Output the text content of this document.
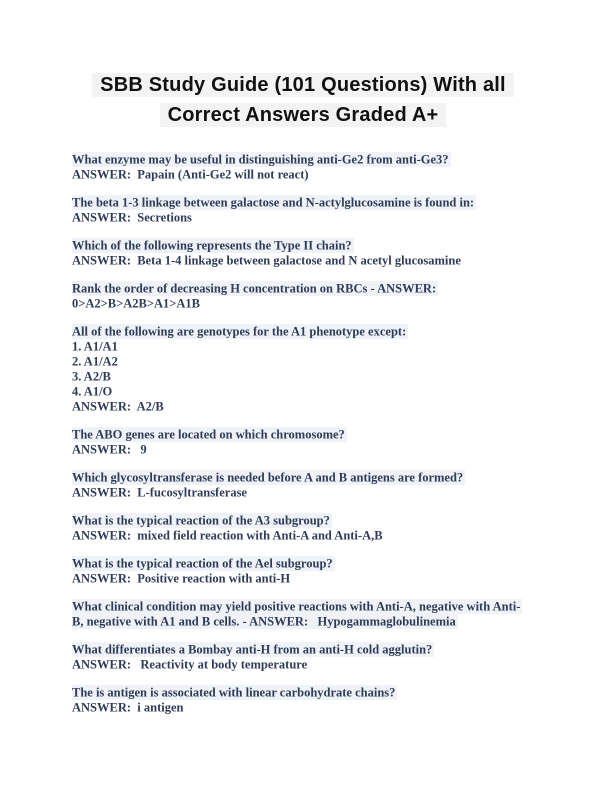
SBB Study Guide (101 Questions) With all
Correct Answers Graded A+
What enzyme may be useful in distinguishing anti-Ge2 from anti-Ge3?
ANSWER:  Papain (Anti-Ge2 will not react)
The beta 1-3 linkage between galactose and N-actylglucosamine is found in:
ANSWER:  Secretions
Which of the following represents the Type II chain?
ANSWER:  Beta 1-4 linkage between galactose and N acetyl glucosamine
Rank the order of decreasing H concentration on RBCs - ANSWER:
0>A2>B>A2B>A1>A1B
All of the following are genotypes for the A1 phenotype except:
1. A1/A1
2. A1/A2
3. A2/B
4. A1/O
ANSWER:  A2/B
The ABO genes are located on which chromosome?
ANSWER:   9
Which glycosyltransferase is needed before A and B antigens are formed?
ANSWER:  L-fucosyltransferase
What is the typical reaction of the A3 subgroup?
ANSWER:  mixed field reaction with Anti-A and Anti-A,B
What is the typical reaction of the Ael subgroup?
ANSWER:  Positive reaction with anti-H
What clinical condition may yield positive reactions with Anti-A, negative with Anti-
B, negative with A1 and B cells. - ANSWER:   Hypogammaglobulinemia
What differentiates a Bombay anti-H from an anti-H cold agglutin?
ANSWER:   Reactivity at body temperature
The is antigen is associated with linear carbohydrate chains?
ANSWER:  i antigen
